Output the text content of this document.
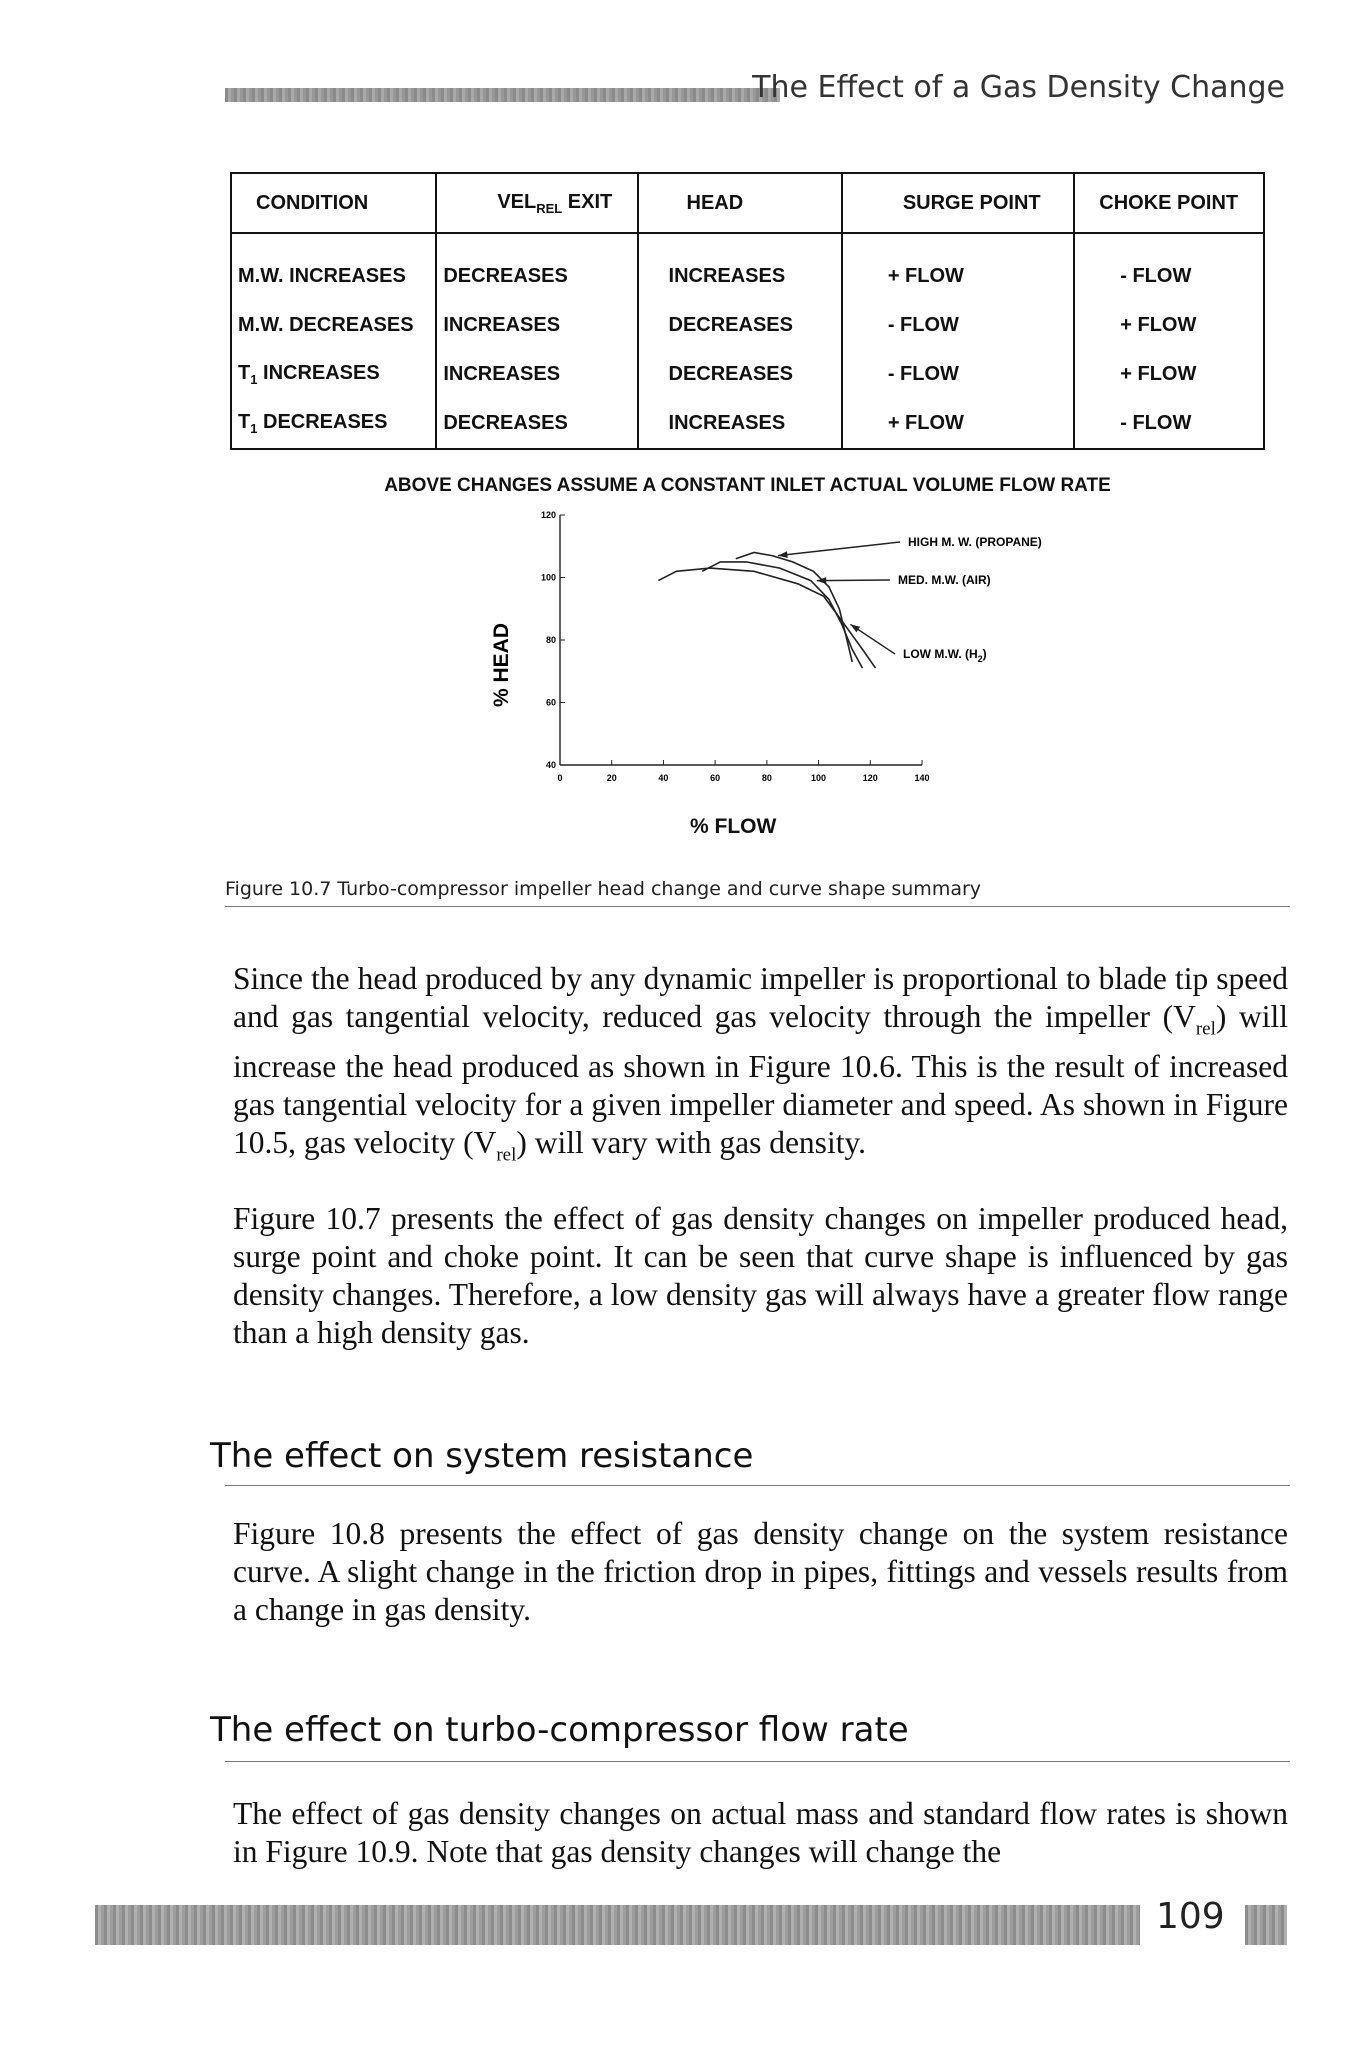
The Effect of a Gas Density Change
CONDITION	$VEL_{REL}$ EXIT	HEAD	SURGE POINT	CHOKE POINT
M.W. INCREASES	DECREASES	INCREASES	+ FLOW	- FLOW
M.W. DECREASES	INCREASES	DECREASES	- FLOW	+ FLOW
$T_1$ INCREASES	INCREASES	DECREASES	- FLOW	+ FLOW
$T_1$ DECREASES	DECREASES	INCREASES	+ FLOW	- FLOW
ABOVE CHANGES ASSUME A CONSTANT INLET ACTUAL VOLUME FLOW RATE
0	20	40	60	80	100	120	140
120
100
80
60
40
HIGH M. W. (PROPANE)
MED. M.W. (AIR)
LOW M.W. $(H_2)$
% HEAD
% FLOW
Figure 10.7 Turbo-compressor impeller head change and curve shape summary

Since the head produced by any dynamic impeller is proportional to blade tip speed and gas tangential velocity, reduced gas velocity through the impeller $(V_{rel})$ will increase the head produced as shown in Figure 10.6. This is the result of increased gas tangential velocity for a given impeller diameter and speed. As shown in Figure 10.5, gas velocity $(V_{rel})$ will vary with gas density.

Figure 10.7 presents the effect of gas density changes on impeller produced head, surge point and choke point. It can be seen that curve shape is influenced by gas density changes. Therefore, a low density gas will always have a greater flow range than a high density gas.

The effect on system resistance

Figure 10.8 presents the effect of gas density change on the system resistance curve. A slight change in the friction drop in pipes, fittings and vessels results from a change in gas density.

The effect on turbo-compressor flow rate

The effect of gas density changes on actual mass and standard flow rates is shown in Figure 10.9. Note that gas density changes will change the

109
